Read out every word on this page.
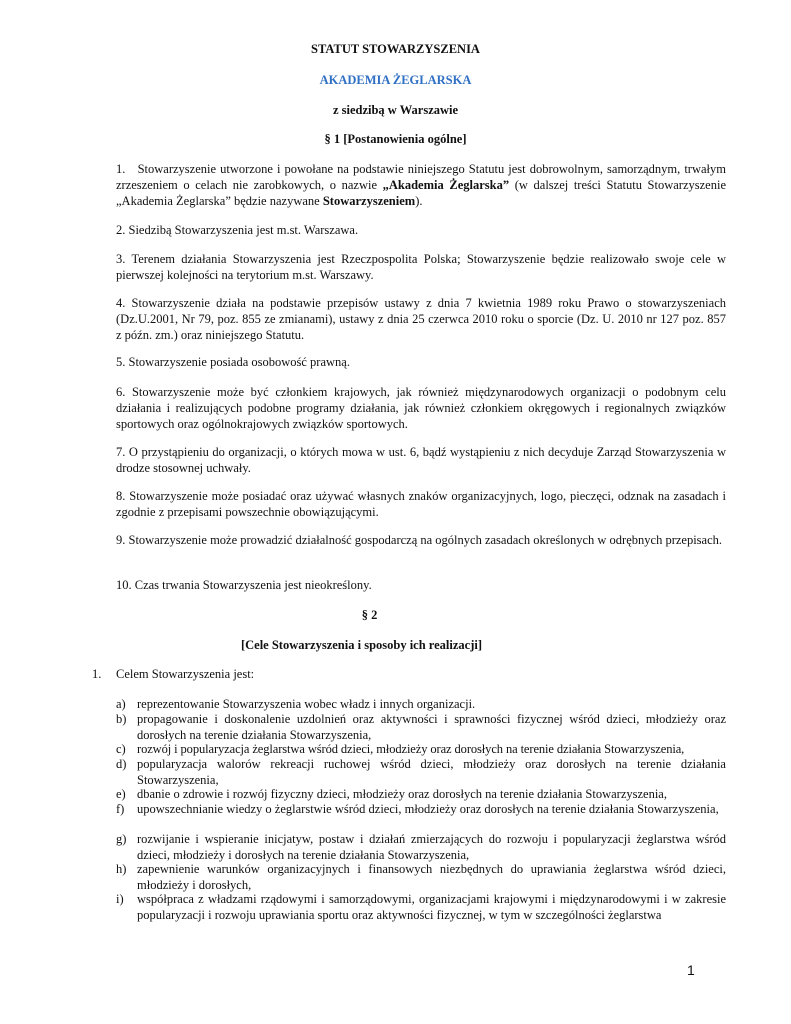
STATUT STOWARZYSZENIA
AKADEMIA ŻEGLARSKA
z siedzibą w Warszawie
§ 1 [Postanowienia ogólne]
1. Stowarzyszenie utworzone i powołane na podstawie niniejszego Statutu jest dobrowolnym, samorządnym, trwałym zrzeszeniem o celach nie zarobkowych, o nazwie „Akademia Żeglarska” (w dalszej treści Statutu Stowarzyszenie „Akademia Żeglarska” będzie nazywane Stowarzyszeniem).
2. Siedzibą Stowarzyszenia jest m.st. Warszawa.
3. Terenem działania Stowarzyszenia jest Rzeczpospolita Polska; Stowarzyszenie będzie realizowało swoje cele w pierwszej kolejności na terytorium m.st. Warszawy.
4. Stowarzyszenie działa na podstawie przepisów ustawy z dnia 7 kwietnia 1989 roku Prawo o stowarzyszeniach (Dz.U.2001, Nr 79, poz. 855 ze zmianami), ustawy z dnia 25 czerwca 2010 roku o sporcie (Dz. U. 2010 nr 127 poz. 857 z późn. zm.) oraz niniejszego Statutu.
5. Stowarzyszenie posiada osobowość prawną.
6. Stowarzyszenie może być członkiem krajowych, jak również międzynarodowych organizacji o podobnym celu działania i realizujących podobne programy działania, jak również członkiem okręgowych i regionalnych związków sportowych oraz ogólnokrajowych związków sportowych.
7. O przystąpieniu do organizacji, o których mowa w ust. 6, bądź wystąpieniu z nich decyduje Zarząd Stowarzyszenia w drodze stosownej uchwały.
8. Stowarzyszenie może posiadać oraz używać własnych znaków organizacyjnych, logo, pieczęci, odznak na zasadach i zgodnie z przepisami powszechnie obowiązującymi.
9. Stowarzyszenie może prowadzić działalność gospodarczą na ogólnych zasadach określonych w odrębnych przepisach.
10. Czas trwania Stowarzyszenia jest nieokreślony.
§ 2
[Cele Stowarzyszenia i sposoby ich realizacji]
1. Celem Stowarzyszenia jest:
a) reprezentowanie Stowarzyszenia wobec władz i innych organizacji.
b) propagowanie i doskonalenie uzdolnień oraz aktywności i sprawności fizycznej wśród dzieci, młodzieży oraz dorosłych na terenie działania Stowarzyszenia,
c) rozwój i popularyzacja żeglarstwa wśród dzieci, młodzieży oraz dorosłych na terenie działania Stowarzyszenia,
d) popularyzacja walorów rekreacji ruchowej wśród dzieci, młodzieży oraz dorosłych na terenie działania Stowarzyszenia,
e) dbanie o zdrowie i rozwój fizyczny dzieci, młodzieży oraz dorosłych na terenie działania Stowarzyszenia,
f) upowszechnianie wiedzy o żeglarstwie wśród dzieci, młodzieży oraz dorosłych na terenie działania Stowarzyszenia,
g) rozwijanie i wspieranie inicjatyw, postaw i działań zmierzających do rozwoju i popularyzacji żeglarstwa wśród dzieci, młodzieży i dorosłych na terenie działania Stowarzyszenia,
h) zapewnienie warunków organizacyjnych i finansowych niezbędnych do uprawiania żeglarstwa wśród dzieci, młodzieży i dorosłych,
i) współpraca z władzami rządowymi i samorządowymi, organizacjami krajowymi i międzynarodowymi i w zakresie popularyzacji i rozwoju uprawiania sportu oraz aktywności fizycznej, w tym w szczególności żeglarstwa
1
